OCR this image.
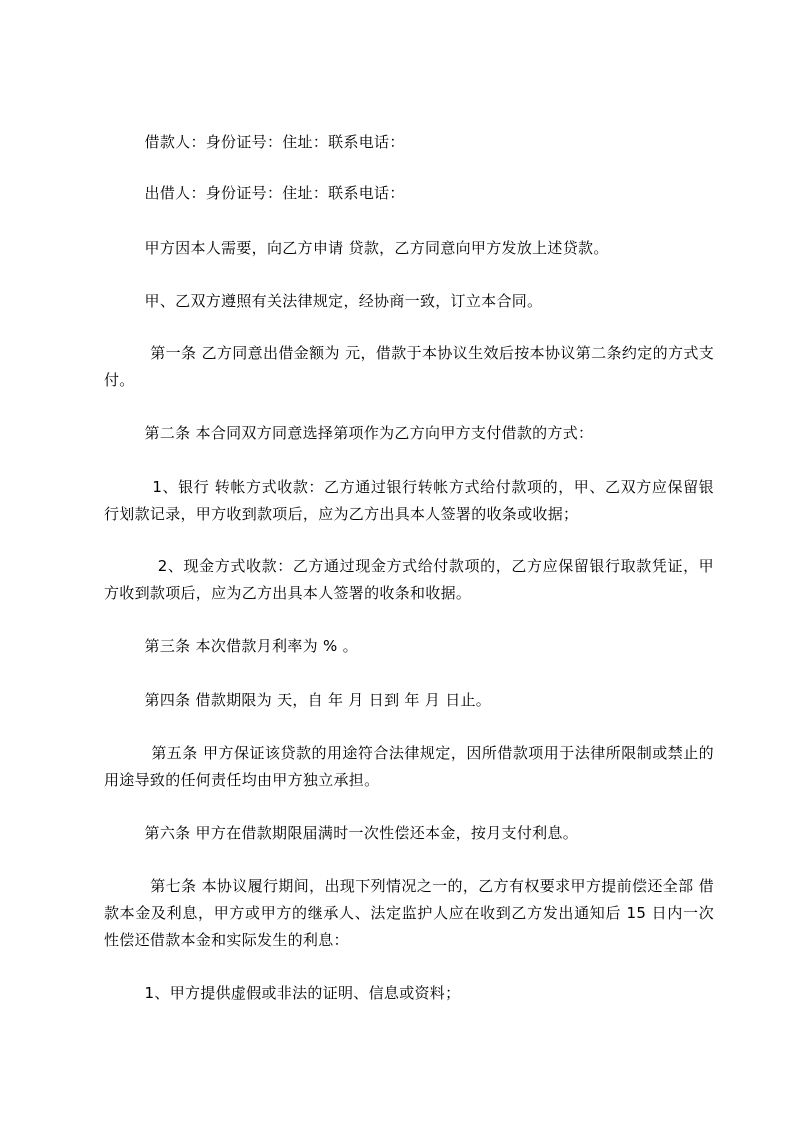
借款人：身份证号：住址：联系电话：

出借人：身份证号：住址：联系电话：

甲方因本人需要，向乙方申请 贷款，乙方同意向甲方发放上述贷款。

甲、乙双方遵照有关法律规定，经协商一致，订立本合同。

第一条 乙方同意出借金额为 元，借款于本协议生效后按本协议第二条约定的方式支付。

第二条 本合同双方同意选择第项作为乙方向甲方支付借款的方式：

1、银行 转帐方式收款：乙方通过银行转帐方式给付款项的，甲、乙双方应保留银行划款记录，甲方收到款项后，应为乙方出具本人签署的收条或收据；

2、现金方式收款：乙方通过现金方式给付款项的，乙方应保留银行取款凭证，甲方收到款项后，应为乙方出具本人签署的收条和收据。

第三条 本次借款月利率为 % 。

第四条 借款期限为 天，自 年 月 日到 年 月 日止。

第五条 甲方保证该贷款的用途符合法律规定，因所借款项用于法律所限制或禁止的用途导致的任何责任均由甲方独立承担。

第六条 甲方在借款期限届满时一次性偿还本金，按月支付利息。

第七条 本协议履行期间，出现下列情况之一的，乙方有权要求甲方提前偿还全部 借款本金及利息，甲方或甲方的继承人、法定监护人应在收到乙方发出通知后 15 日内一次性偿还借款本金和实际发生的利息：

1、甲方提供虚假或非法的证明、信息或资料；
